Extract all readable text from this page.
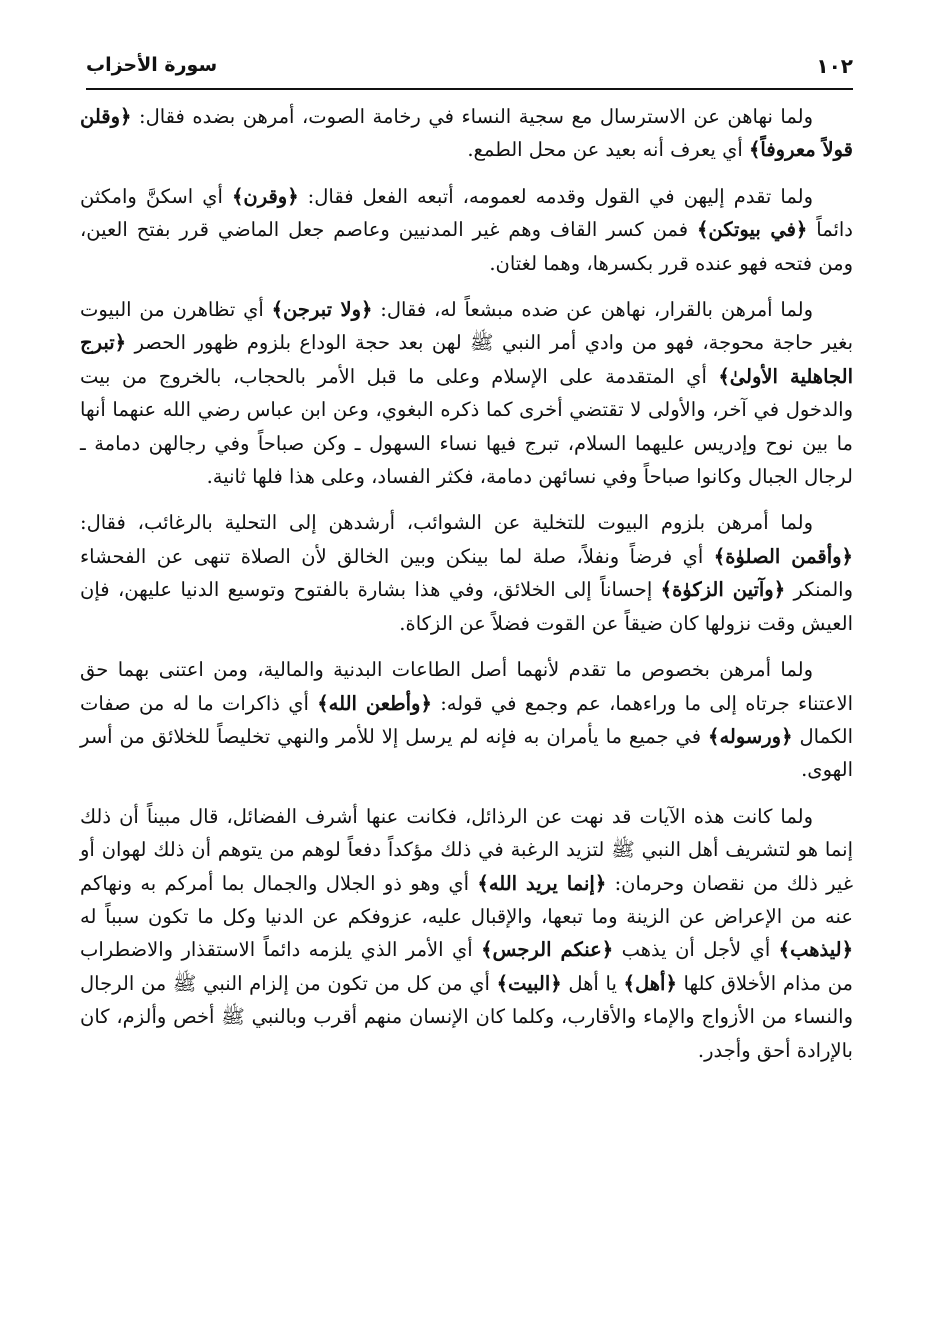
١٠٢
سورة الأحزاب

ولما نهاهن عن الاسترسال مع سجية النساء في رخامة الصوت، أمرهن بضده فقال: ﴿وقلن قولاً معروفاً﴾ أي يعرف أنه بعيد عن محل الطمع.

ولما تقدم إليهن في القول وقدمه لعمومه، أتبعه الفعل فقال: ﴿وقرن﴾ أي اسكنَّ وامكثن دائماً ﴿في بيوتكن﴾ فمن كسر القاف وهم غير المدنيين وعاصم جعل الماضي قرر بفتح العين، ومن فتحه فهو عنده قرر بكسرها، وهما لغتان.

ولما أمرهن بالقرار، نهاهن عن ضده مبشعاً له، فقال: ﴿ولا تبرجن﴾ أي تظاهرن من البيوت بغير حاجة محوجة، فهو من وادي أمر النبي ﷺ لهن بعد حجة الوداع بلزوم ظهور الحصر ﴿تبرج الجاهلية الأولىٰ﴾ أي المتقدمة على الإسلام وعلى ما قبل الأمر بالحجاب، بالخروج من بيت والدخول في آخر، والأولى لا تقتضي أخرى كما ذكره البغوي، وعن ابن عباس رضي الله عنهما أنها ما بين نوح وإدريس عليهما السلام، تبرج فيها نساء السهول ـ وكن صباحاً وفي رجالهن دمامة ـ لرجال الجبال وكانوا صباحاً وفي نسائهن دمامة، فكثر الفساد، وعلى هذا فلها ثانية.

ولما أمرهن بلزوم البيوت للتخلية عن الشوائب، أرشدهن إلى التحلية بالرغائب، فقال: ﴿وأقمن الصلوٰة﴾ أي فرضاً ونفلاً، صلة لما بينكن وبين الخالق لأن الصلاة تنهى عن الفحشاء والمنكر ﴿وآتين الزكوٰة﴾ إحساناً إلى الخلائق، وفي هذا بشارة بالفتوح وتوسيع الدنيا عليهن، فإن العيش وقت نزولها كان ضيقاً عن القوت فضلاً عن الزكاة.

ولما أمرهن بخصوص ما تقدم لأنهما أصل الطاعات البدنية والمالية، ومن اعتنى بهما حق الاعتناء جرتاه إلى ما وراءهما، عم وجمع في قوله: ﴿وأطعن الله﴾ أي ذاكرات ما له من صفات الكمال ﴿ورسوله﴾ في جميع ما يأمران به فإنه لم يرسل إلا للأمر والنهي تخليصاً للخلائق من أسر الهوى.

ولما كانت هذه الآيات قد نهت عن الرذائل، فكانت عنها أشرف الفضائل، قال مبيناً أن ذلك إنما هو لتشريف أهل النبي ﷺ لتزيد الرغبة في ذلك مؤكداً دفعاً لوهم من يتوهم أن ذلك لهوان أو غير ذلك من نقصان وحرمان: ﴿إنما يريد الله﴾ أي وهو ذو الجلال والجمال بما أمركم به ونهاكم عنه من الإعراض عن الزينة وما تبعها، والإقبال عليه، عزوفكم عن الدنيا وكل ما تكون سبباً له ﴿ليذهب﴾ أي لأجل أن يذهب ﴿عنكم الرجس﴾ أي الأمر الذي يلزمه دائماً الاستقذار والاضطراب من مذام الأخلاق كلها ﴿أهل﴾ يا أهل ﴿البيت﴾ أي من كل من تكون من إلزام النبي ﷺ من الرجال والنساء من الأزواج والإماء والأقارب، وكلما كان الإنسان منهم أقرب وبالنبي ﷺ أخص وألزم، كان بالإرادة أحق وأجدر.
